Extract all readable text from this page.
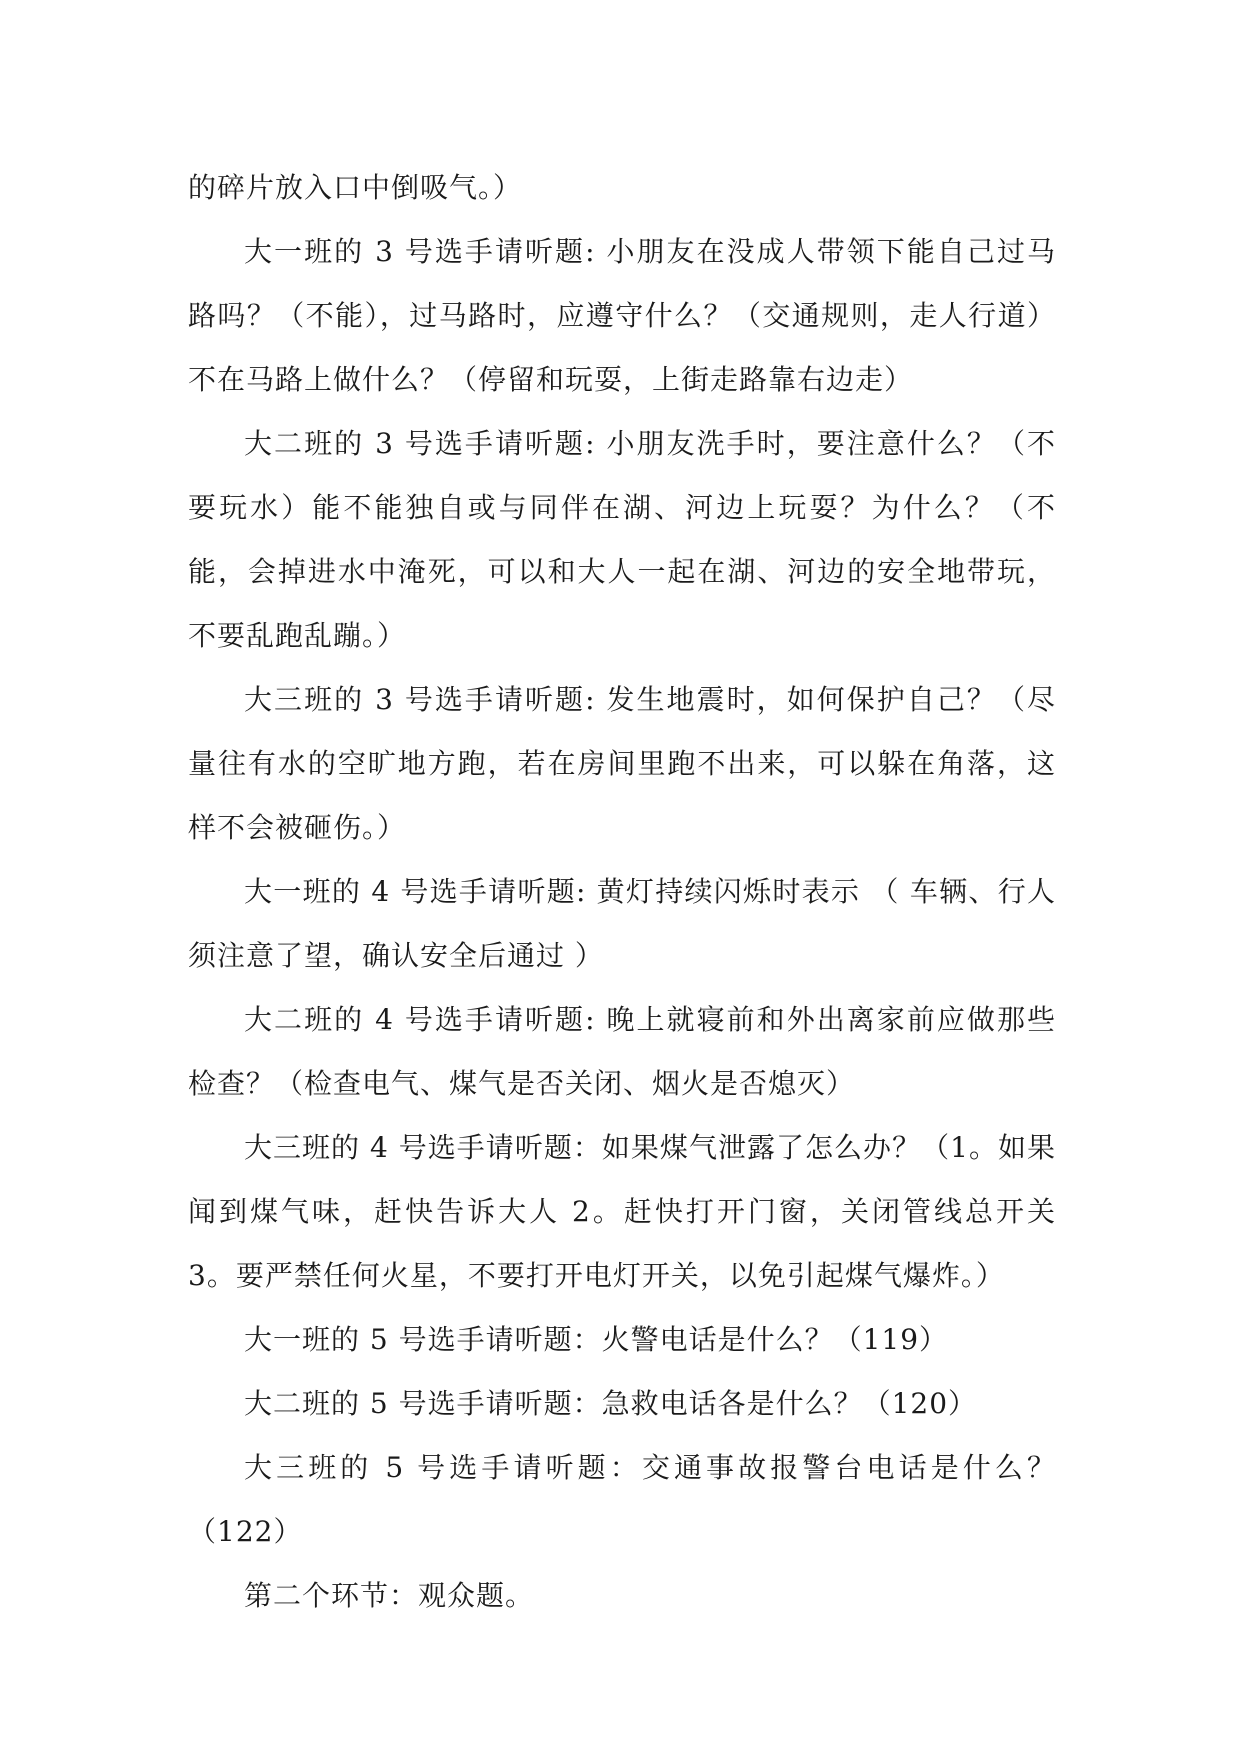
的碎片放入口中倒吸气。）

大一班的 3 号选手请听题: 小朋友在没成人带领下能自己过马路吗？（不能），过马路时，应遵守什么？（交通规则，走人行道）不在马路上做什么？（停留和玩耍，上街走路靠右边走）

大二班的 3 号选手请听题: 小朋友洗手时，要注意什么？（不要玩水）能不能独自或与同伴在湖、河边上玩耍？为什么？（不能，会掉进水中淹死，可以和大人一起在湖、河边的安全地带玩，不要乱跑乱蹦。）

大三班的 3 号选手请听题: 发生地震时，如何保护自己？（尽量往有水的空旷地方跑，若在房间里跑不出来，可以躲在角落，这样不会被砸伤。）

大一班的 4 号选手请听题: 黄灯持续闪烁时表示 （ 车辆、行人须注意了望，确认安全后通过 ）

大二班的 4 号选手请听题: 晚上就寝前和外出离家前应做那些检查？（检查电气、煤气是否关闭、烟火是否熄灭）

大三班的 4 号选手请听题：如果煤气泄露了怎么办？（1。如果闻到煤气味，赶快告诉大人 2。赶快打开门窗，关闭管线总开关 3。要严禁任何火星，不要打开电灯开关，以免引起煤气爆炸。）

大一班的 5 号选手请听题：火警电话是什么？（119）

大二班的 5 号选手请听题：急救电话各是什么？（120）

大三班的 5 号选手请听题：交通事故报警台电话是什么？（122）

第二个环节：观众题。
